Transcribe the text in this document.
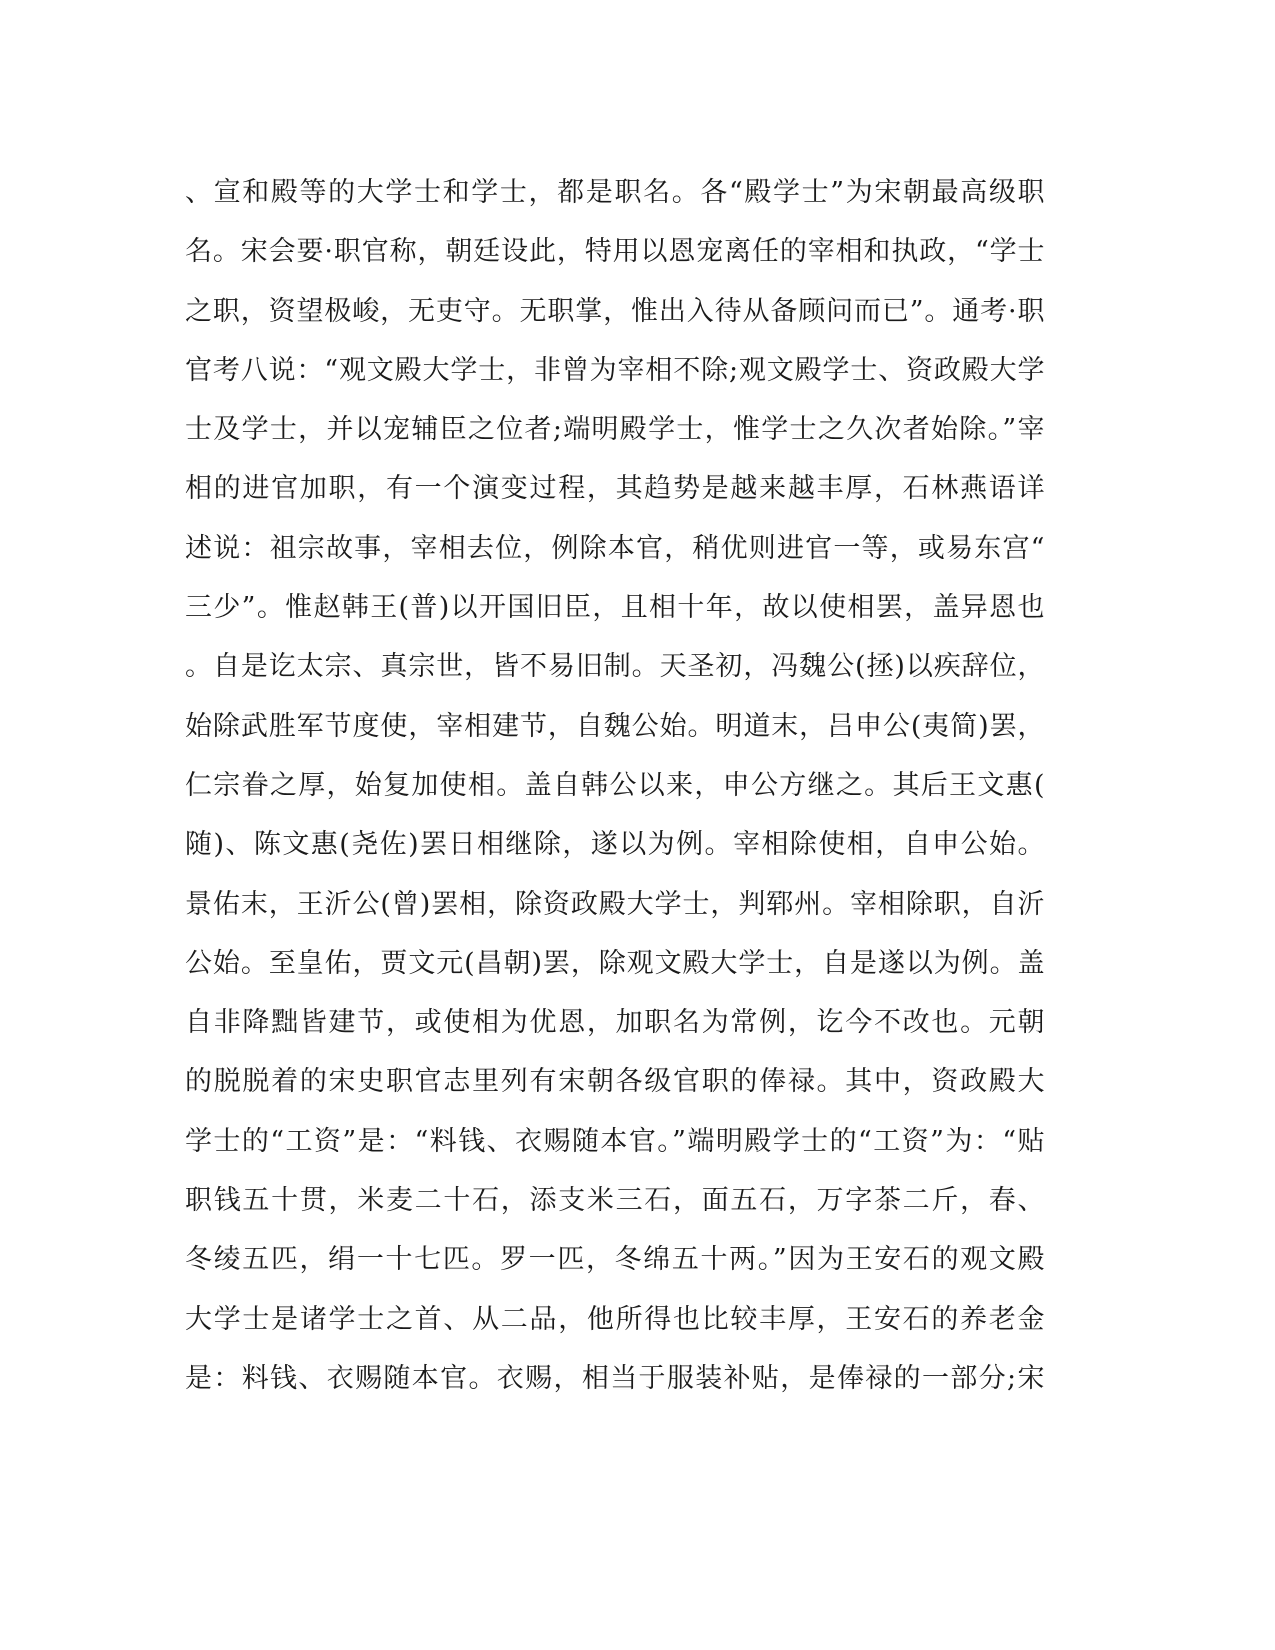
、宣和殿等的大学士和学士，都是职名。各“殿学士”为宋朝最高级职
名。宋会要·职官称，朝廷设此，特用以恩宠离任的宰相和执政，“学士
之职，资望极峻，无吏守。无职掌，惟出入待从备顾问而已”。通考·职
官考八说：“观文殿大学士，非曾为宰相不除;观文殿学士、资政殿大学
士及学士，并以宠辅臣之位者;端明殿学士，惟学士之久次者始除。”宰
相的进官加职，有一个演变过程，其趋势是越来越丰厚，石林燕语详
述说：祖宗故事，宰相去位，例除本官，稍优则进官一等，或易东宫“
三少”。惟赵韩王(普)以开国旧臣，且相十年，故以使相罢，盖异恩也
。自是讫太宗、真宗世，皆不易旧制。天圣初，冯魏公(拯)以疾辞位，
始除武胜军节度使，宰相建节，自魏公始。明道末，吕申公(夷简)罢，
仁宗眷之厚，始复加使相。盖自韩公以来，申公方继之。其后王文惠(
随)、陈文惠(尧佐)罢日相继除，遂以为例。宰相除使相，自申公始。
景佑末，王沂公(曾)罢相，除资政殿大学士，判郓州。宰相除职，自沂
公始。至皇佑，贾文元(昌朝)罢，除观文殿大学士，自是遂以为例。盖
自非降黜皆建节，或使相为优恩，加职名为常例，讫今不改也。元朝
的脱脱着的宋史职官志里列有宋朝各级官职的俸禄。其中，资政殿大
学士的“工资”是：“料钱、衣赐随本官。”端明殿学士的“工资”为：“贴
职钱五十贯，米麦二十石，添支米三石，面五石，万字茶二斤，春、
冬绫五匹，绢一十七匹。罗一匹，冬绵五十两。”因为王安石的观文殿
大学士是诸学士之首、从二品，他所得也比较丰厚，王安石的养老金
是：料钱、衣赐随本官。衣赐，相当于服装补贴，是俸禄的一部分;宋
